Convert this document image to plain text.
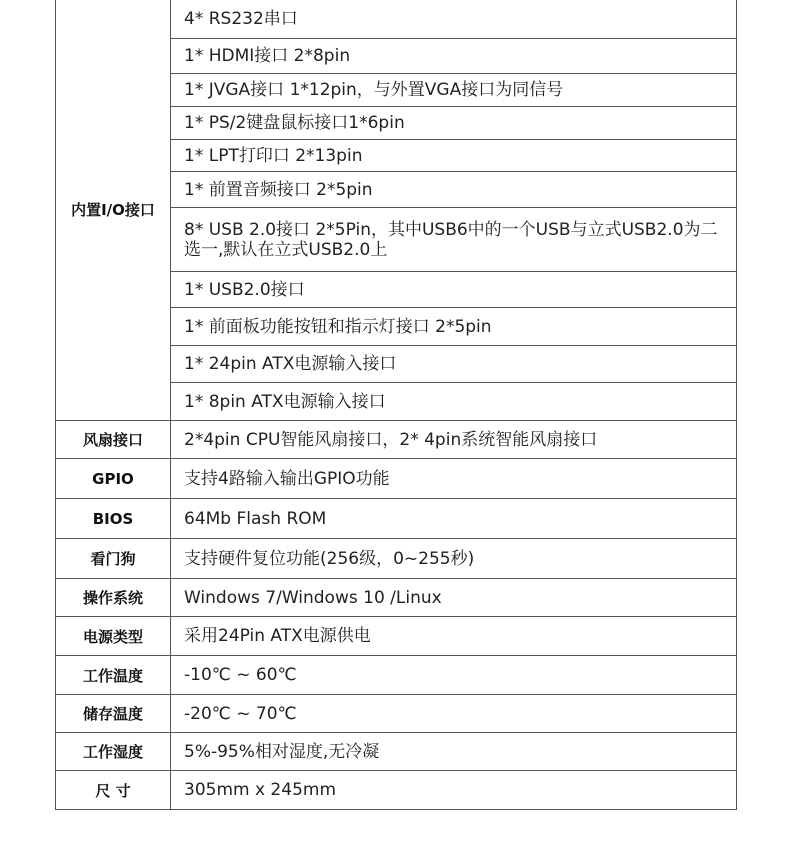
内置I/O接口	4* RS232串口
	1* HDMI接口 2*8pin
	1* JVGA接口 1*12pin，与外置VGA接口为同信号
	1* PS/2键盘鼠标接口1*6pin
	1* LPT打印口 2*13pin
	1* 前置音频接口 2*5pin
	8* USB 2.0接口 2*5Pin，其中USB6中的一个USB与立式USB2.0为二选一,默认在立式USB2.0上
	1* USB2.0接口
	1* 前面板功能按钮和指示灯接口 2*5pin
	1* 24pin ATX电源输入接口
	1* 8pin ATX电源输入接口
风扇接口	2*4pin CPU智能风扇接口，2* 4pin系统智能风扇接口
GPIO	支持4路输入输出GPIO功能
BIOS	64Mb Flash ROM
看门狗	支持硬件复位功能(256级，0~255秒)
操作系统	Windows 7/Windows 10 /Linux
电源类型	采用24Pin ATX电源供电
工作温度	-10℃ ~ 60℃
储存温度	-20℃ ~ 70℃
工作湿度	5%-95%相对湿度,无冷凝
尺 寸	305mm x 245mm
